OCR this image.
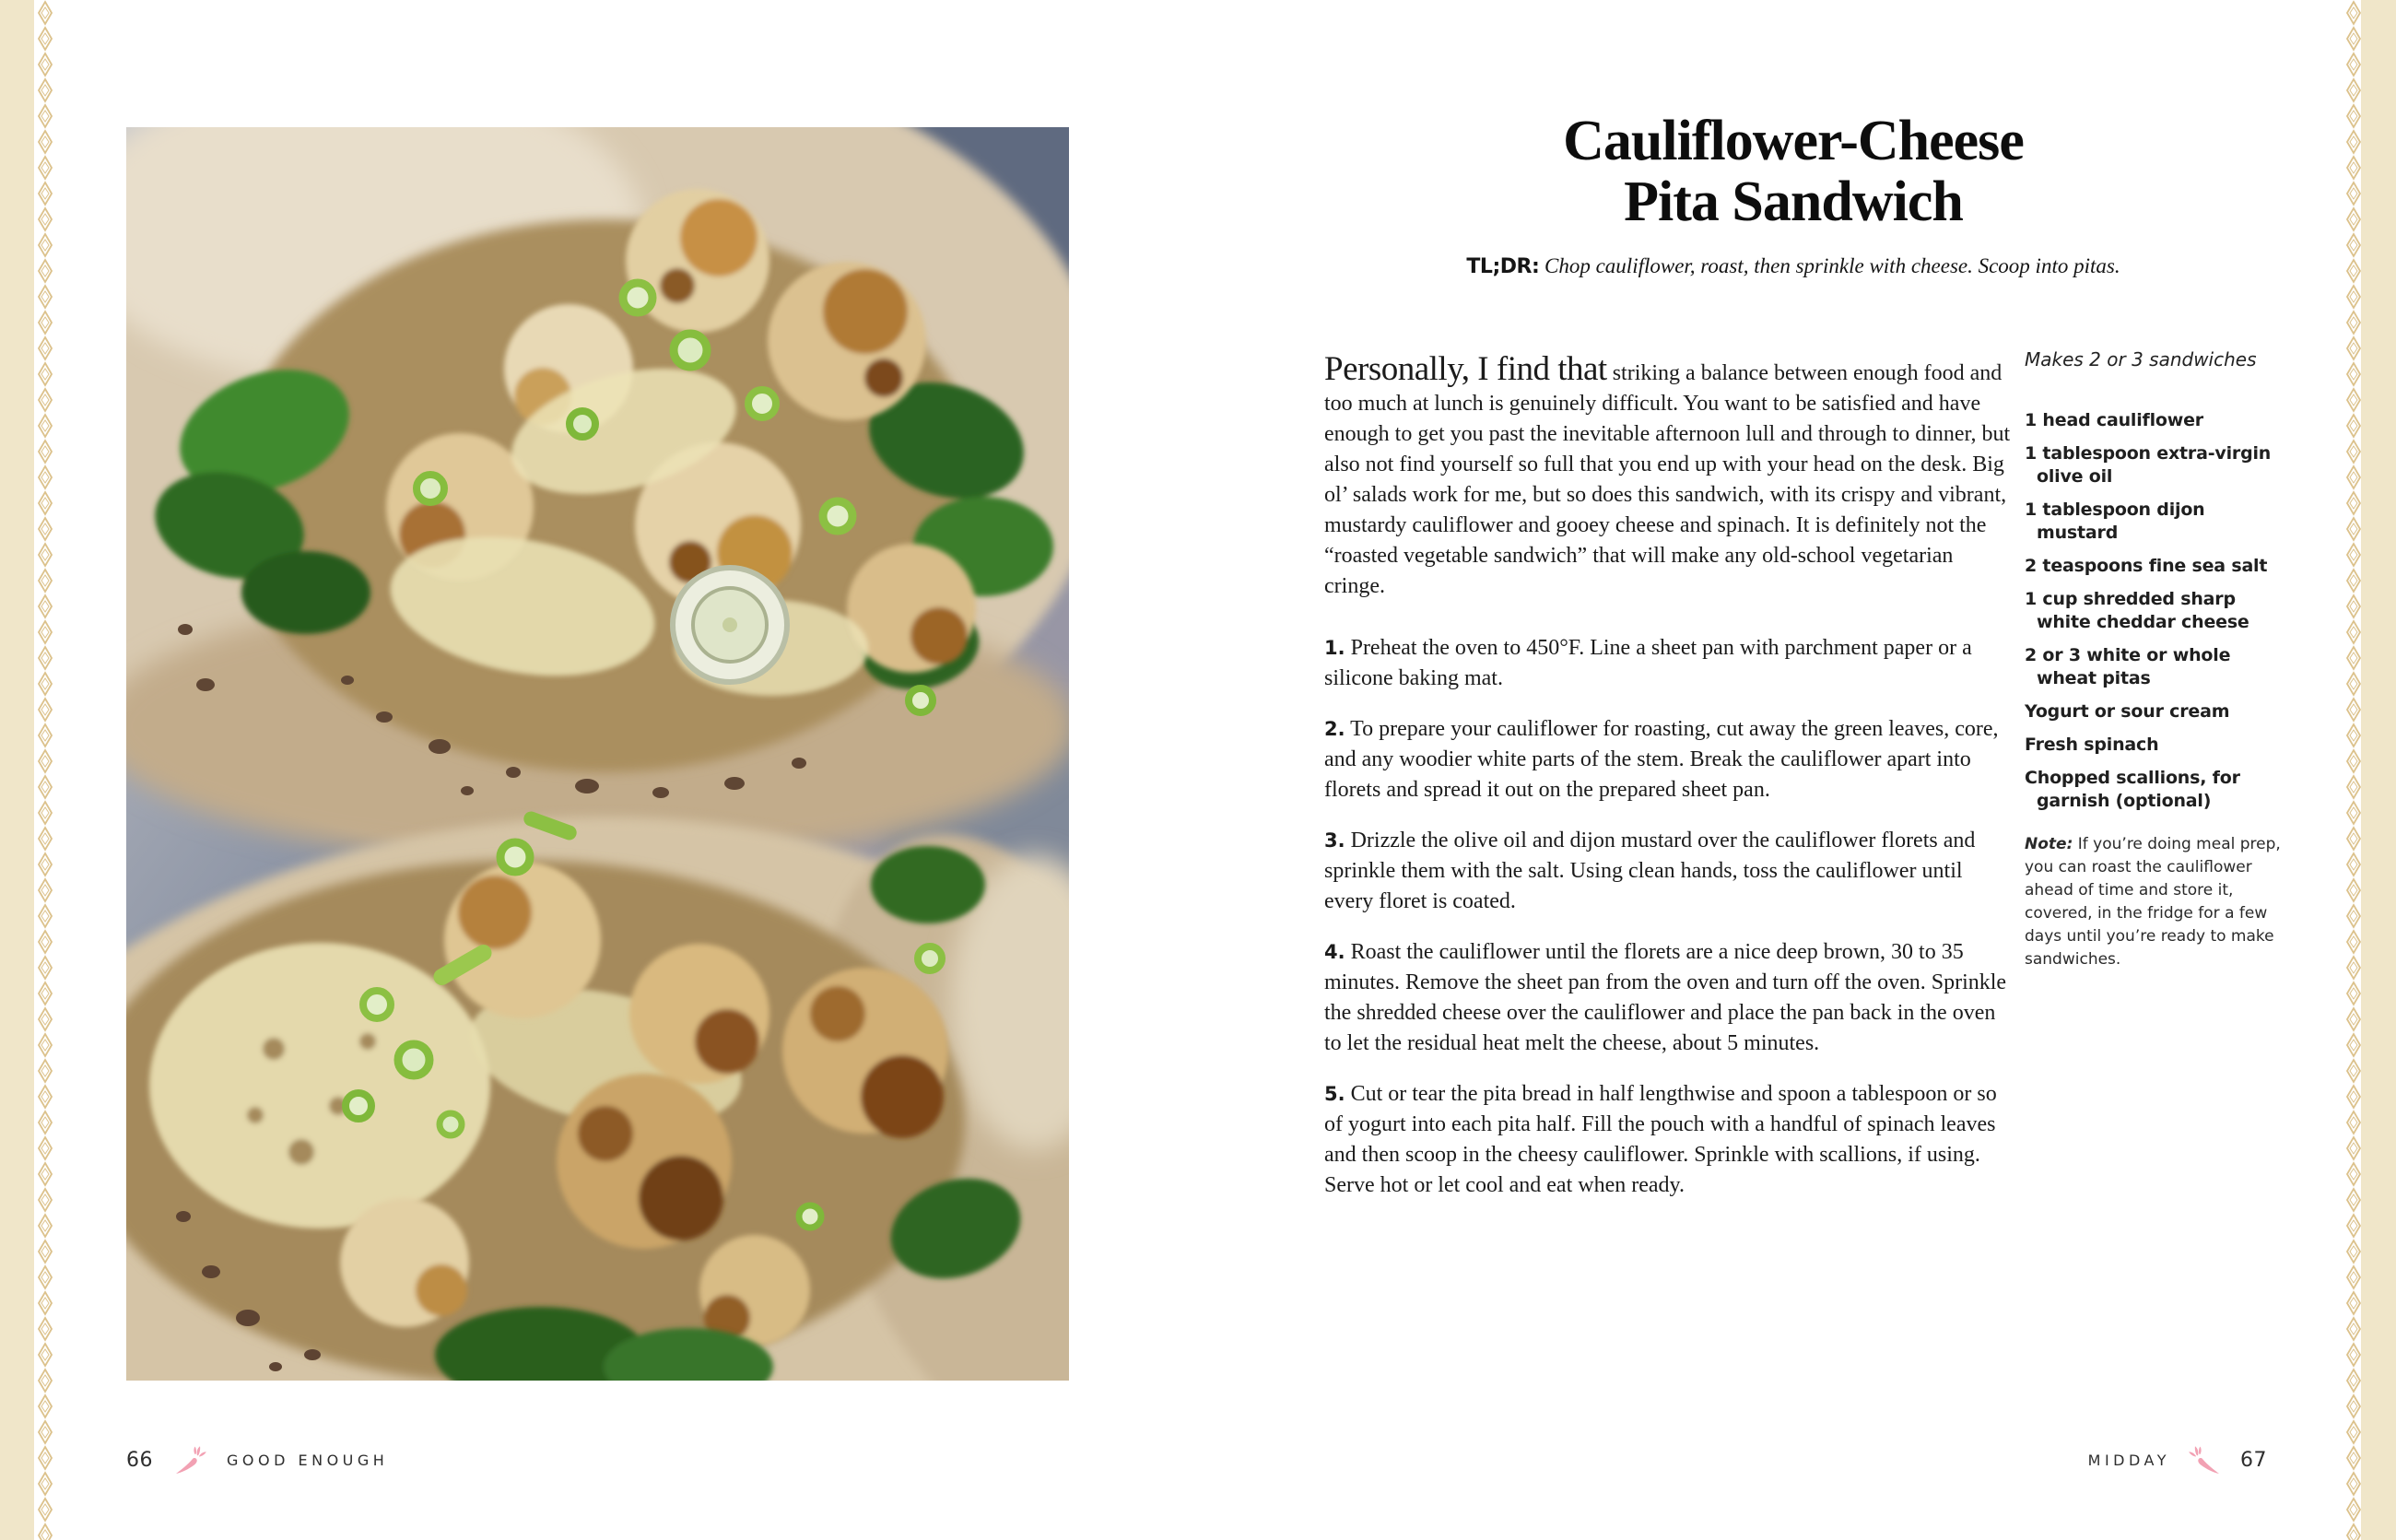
Cauliflower-Cheese
Pita Sandwich
TL;DR: Chop cauliflower, roast, then sprinkle with cheese. Scoop into pitas.

Personally, I find that striking a balance between enough food and too much at lunch is genuinely difficult. You want to be satisfied and have enough to get you past the inevitable afternoon lull and through to dinner, but also not find yourself so full that you end up with your head on the desk. Big ol’ salads work for me, but so does this sandwich, with its crispy and vibrant, mustardy cauliflower and gooey cheese and spinach. It is definitely not the “roasted vegetable sandwich” that will make any old-school vegetarian cringe.

1. Preheat the oven to 450°F. Line a sheet pan with parchment paper or a silicone baking mat.

2. To prepare your cauliflower for roasting, cut away the green leaves, core, and any woodier white parts of the stem. Break the cauliflower apart into florets and spread it out on the prepared sheet pan.

3. Drizzle the olive oil and dijon mustard over the cauliflower florets and sprinkle them with the salt. Using clean hands, toss the cauliflower until every floret is coated.

4. Roast the cauliflower until the florets are a nice deep brown, 30 to 35 minutes. Remove the sheet pan from the oven and turn off the oven. Sprinkle the shredded cheese over the cauliflower and place the pan back in the oven to let the residual heat melt the cheese, about 5 minutes.

5. Cut or tear the pita bread in half lengthwise and spoon a tablespoon or so of yogurt into each pita half. Fill the pouch with a handful of spinach leaves and then scoop in the cheesy cauliflower. Sprinkle with scallions, if using. Serve hot or let cool and eat when ready.

Makes 2 or 3 sandwiches
1 head cauliflower
1 tablespoon extra-virgin olive oil
1 tablespoon dijon mustard
2 teaspoons fine sea salt
1 cup shredded sharp white cheddar cheese
2 or 3 white or whole wheat pitas
Yogurt or sour cream
Fresh spinach
Chopped scallions, for garnish (optional)
Note: If you’re doing meal prep, you can roast the cauliflower ahead of time and store it, covered, in the fridge for a few days until you’re ready to make sandwiches.
66	GOOD ENOUGH	MIDDAY	67
